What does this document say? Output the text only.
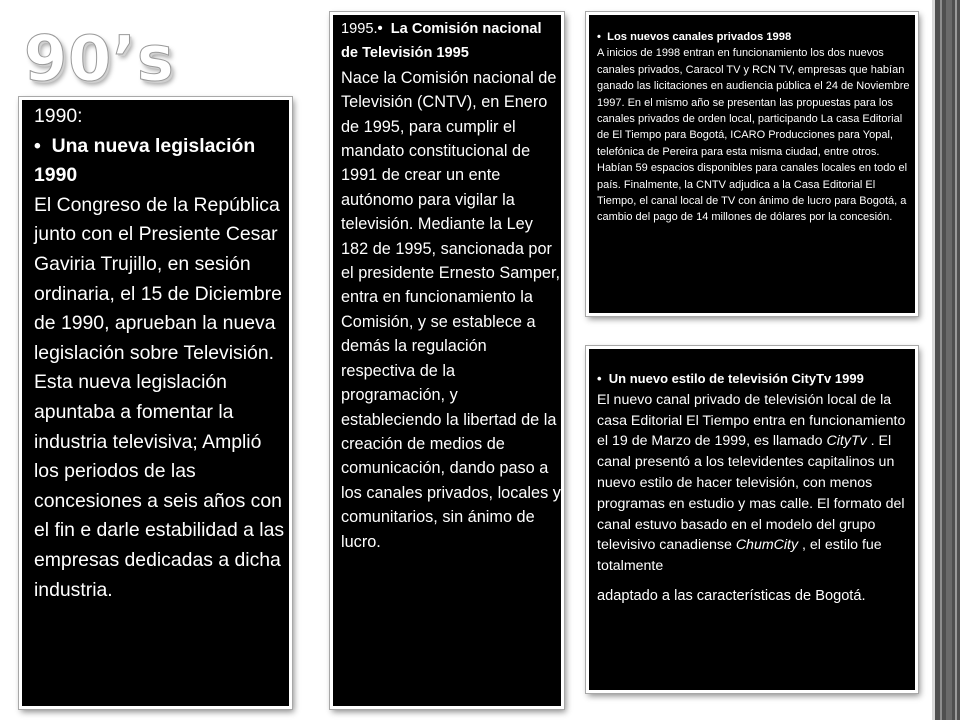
90’s

1990:

•  Una nueva legislación 1990

El Congreso de la República junto con el Presiente Cesar Gaviria Trujillo, en sesión ordinaria, el 15 de Diciembre de 1990, aprueban la nueva legislación sobre Televisión. Esta nueva legislación apuntaba a fomentar la industria televisiva; Amplió los periodos de las concesiones a seis años con el fin e darle estabilidad a las empresas dedicadas a dicha industria.

1995.• La Comisión nacional de Televisión 1995

Nace la Comisión nacional de Televisión (CNTV), en Enero de 1995, para cumplir el mandato constitucional de 1991 de crear un ente autónomo para vigilar la televisión. Mediante la Ley 182 de 1995, sancionada por el presidente Ernesto Samper, entra en funcionamiento la Comisión, y se establece a demás la regulación respectiva de la programación, y estableciendo la libertad de la creación de medios de comunicación, dando paso a los canales privados, locales y comunitarios, sin ánimo de lucro.

•  Los nuevos canales privados 1998

A inicios de 1998 entran en funcionamiento los dos nuevos canales privados, Caracol TV y RCN TV, empresas que habían ganado las licitaciones en audiencia pública el 24 de Noviembre 1997. En el mismo año se presentan las propuestas para los canales privados de orden local, participando La casa Editorial de El Tiempo para Bogotá, ICARO Producciones para Yopal, telefónica de Pereira para esta misma ciudad, entre otros. Habían 59 espacios disponibles para canales locales en todo el país. Finalmente, la CNTV adjudica a la Casa Editorial El Tiempo, el canal local de TV con ánimo de lucro para Bogotá, a cambio del pago de 14 millones de dólares por la concesión.

•  Un nuevo estilo de televisión CityTv 1999

El nuevo canal privado de televisión local de la casa Editorial El Tiempo entra en funcionamiento el 19 de Marzo de 1999, es llamado CityTv . El canal presentó a los televidentes capitalinos un nuevo estilo de hacer televisión, con menos programas en estudio y mas calle. El formato del canal estuvo basado en el modelo del grupo televisivo canadiense ChumCity , el estilo fue totalmente

adaptado a las características de Bogotá.
